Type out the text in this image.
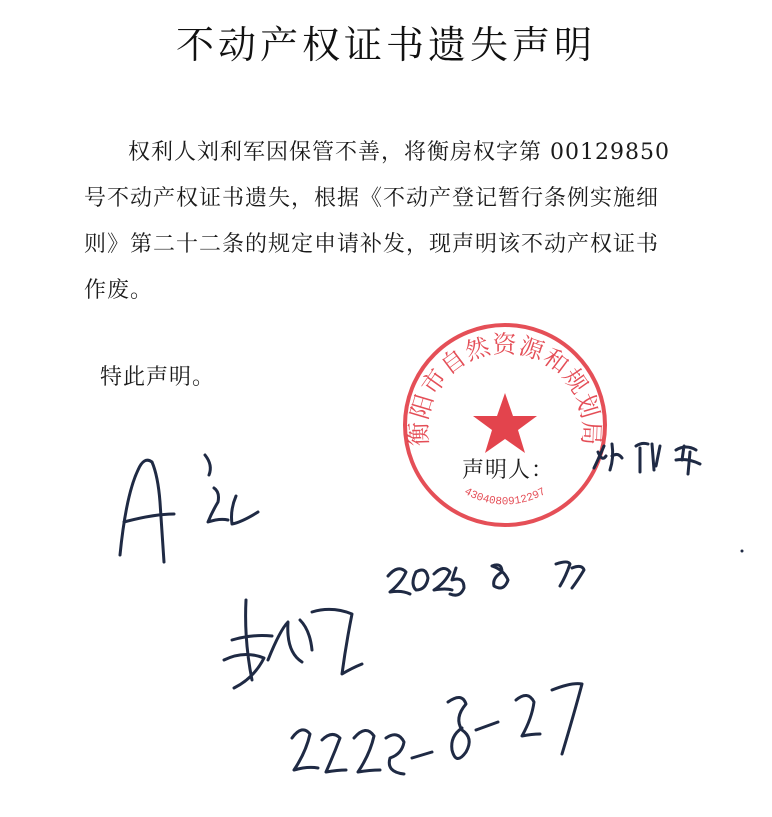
不动产权证书遗失声明

权利人刘利军因保管不善，将衡房权字第 00129850

号不动产权证书遗失，根据《不动产登记暂行条例实施细

则》第二十二条的规定申请补发，现声明该不动产权证书

作废。

特此声明。
衡阳市自然资源和规划局
4304080912297
声明人：
